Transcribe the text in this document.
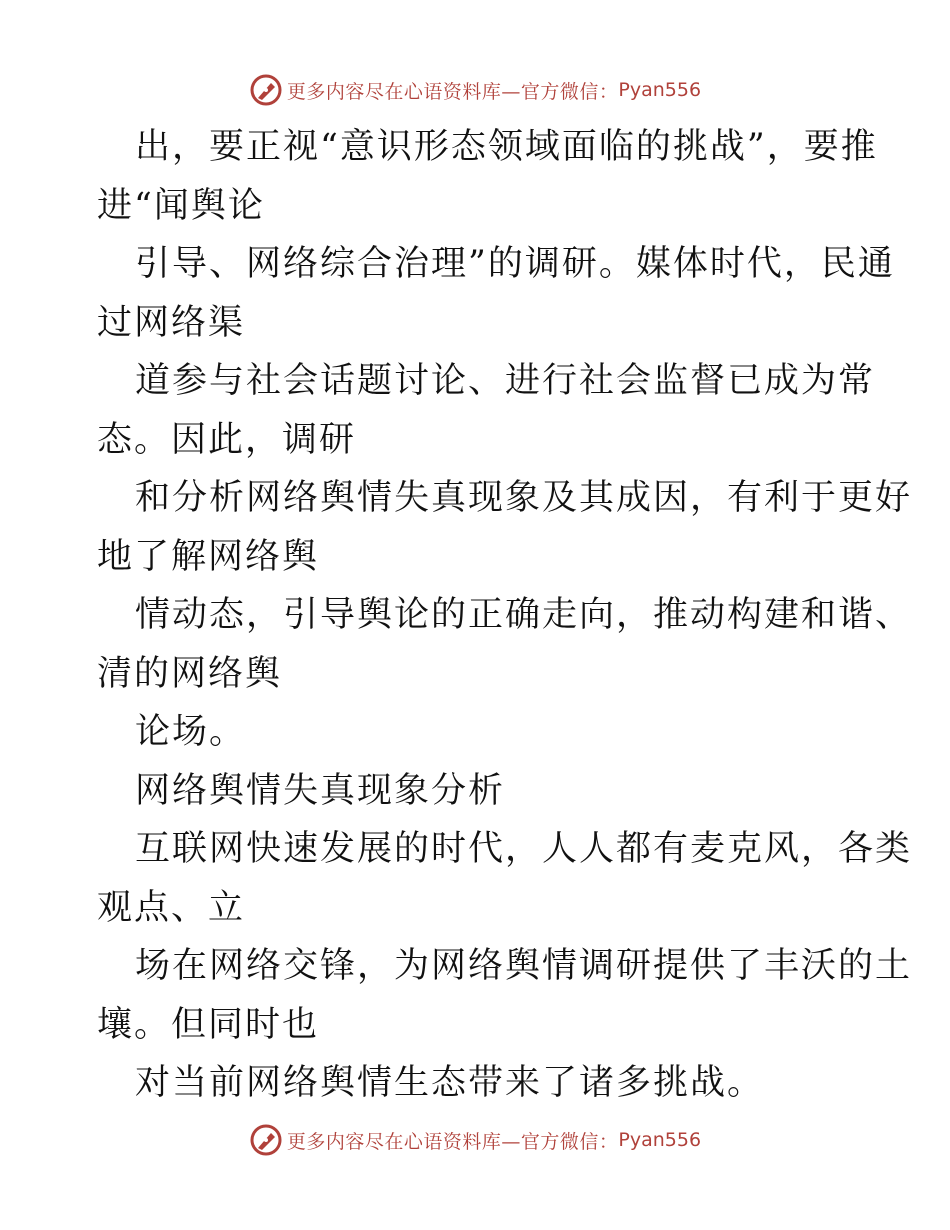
更多内容尽在心语资料库—官方微信： Pyan556
出，要正视“意识形态领域面临的挑战”，要推
进“闻舆论
引导、网络综合治理”的调研。媒体时代，民通
过网络渠
道参与社会话题讨论、进行社会监督已成为常
态。因此，调研
和分析网络舆情失真现象及其成因，有利于更好
地了解网络舆
情动态，引导舆论的正确走向，推动构建和谐、
清的网络舆
论场。
网络舆情失真现象分析
互联网快速发展的时代，人人都有麦克风，各类
观点、立
场在网络交锋，为网络舆情调研提供了丰沃的土
壤。但同时也
对当前网络舆情生态带来了诸多挑战。
更多内容尽在心语资料库—官方微信： Pyan556
